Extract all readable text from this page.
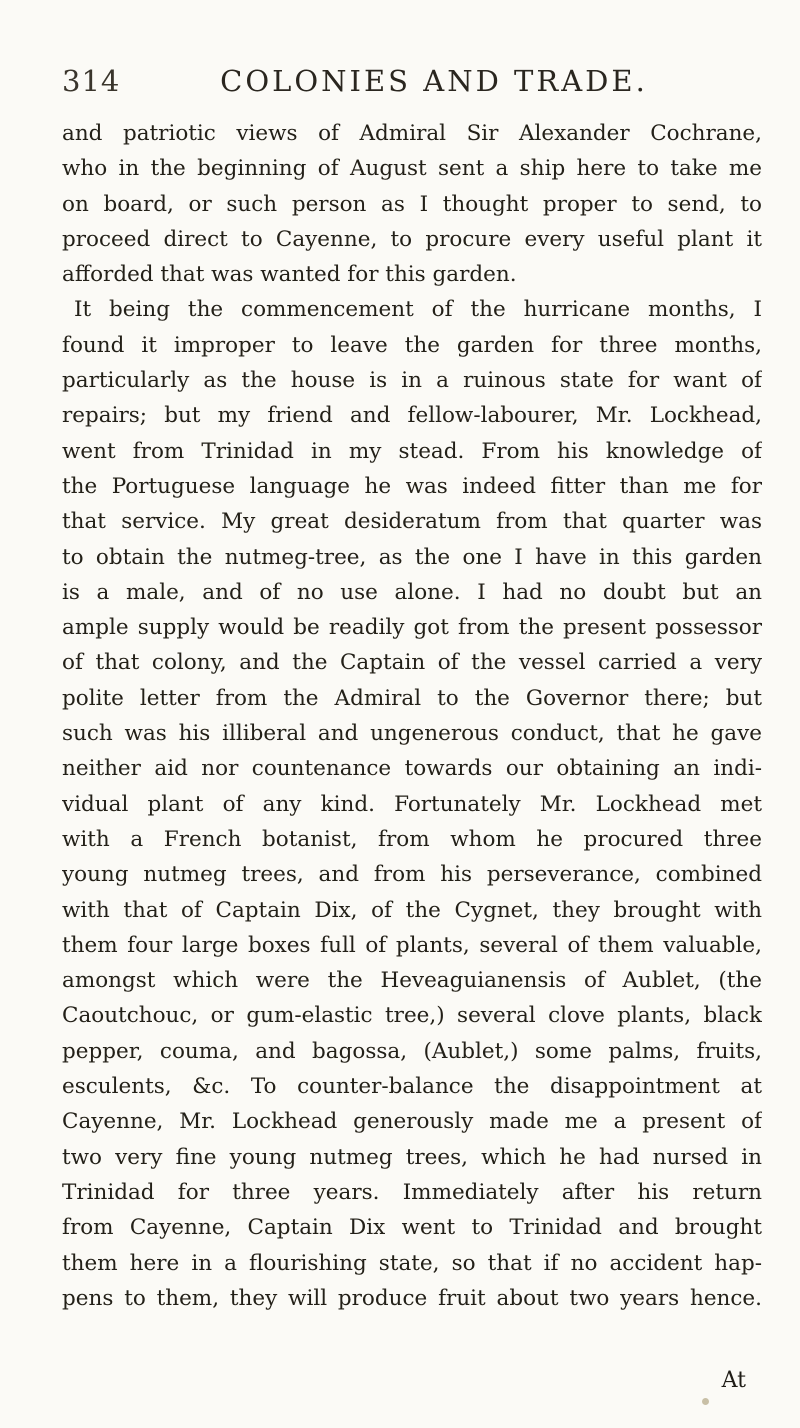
314	COLONIES AND TRADE.
and patriotic views of Admiral Sir Alexander Cochrane,
who in the beginning of August sent a ship here to take me
on board, or such person as I thought proper to send, to
proceed direct to Cayenne, to procure every useful plant it
afforded that was wanted for this garden.
It being the commencement of the hurricane months, I
found it improper to leave the garden for three months,
particularly as the house is in a ruinous state for want of
repairs; but my friend and fellow-labourer, Mr. Lockhead,
went from Trinidad in my stead. From his knowledge of
the Portuguese language he was indeed fitter than me for
that service. My great desideratum from that quarter was
to obtain the nutmeg-tree, as the one I have in this garden
is a male, and of no use alone. I had no doubt but an
ample supply would be readily got from the present possessor
of that colony, and the Captain of the vessel carried a very
polite letter from the Admiral to the Governor there; but
such was his illiberal and ungenerous conduct, that he gave
neither aid nor countenance towards our obtaining an indi-
vidual plant of any kind. Fortunately Mr. Lockhead met
with a French botanist, from whom he procured three
young nutmeg trees, and from his perseverance, combined
with that of Captain Dix, of the Cygnet, they brought with
them four large boxes full of plants, several of them valuable,
amongst which were the Heveaguianensis of Aublet, (the
Caoutchouc, or gum-elastic tree,) several clove plants, black
pepper, couma, and bagossa, (Aublet,) some palms, fruits,
esculents, &c. To counter-balance the disappointment at
Cayenne, Mr. Lockhead generously made me a present of
two very fine young nutmeg trees, which he had nursed in
Trinidad for three years. Immediately after his return
from Cayenne, Captain Dix went to Trinidad and brought
them here in a flourishing state, so that if no accident hap-
pens to them, they will produce fruit about two years hence.
At
